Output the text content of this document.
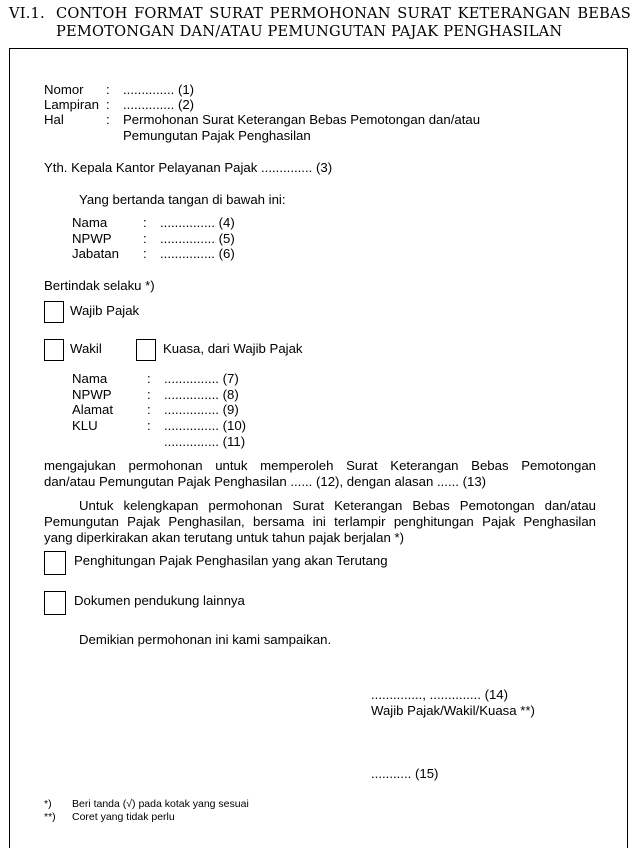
VI.1. CONTOH FORMAT SURAT PERMOHONAN SURAT KETERANGAN BEBAS
PEMOTONGAN DAN/ATAU PEMUNGUTAN PAJAK PENGHASILAN
Nomor : .............. (1)
Lampiran : .............. (2)
Hal	: Permohonan Surat Keterangan Bebas Pemotongan dan/atau
Pemungutan Pajak Penghasilan
Yth. Kepala Kantor Pelayanan Pajak .............. (3)
Yang bertanda tangan di bawah ini:
Nama	: ............... (4)
NPWP : ............... (5)
Jabatan : ............... (6)
Bertindak selaku *)
Wajib Pajak
Wakil	Kuasa, dari Wajib Pajak
Nama	: ............... (7)
NPWP	: ............... (8)
Alamat	: ............... (9)
KLU	: ............... (10)
............... (11)
mengajukan permohonan untuk memperoleh Surat Keterangan Bebas Pemotongan
dan/atau Pemungutan Pajak Penghasilan ...... (12), dengan alasan ...... (13)
Untuk kelengkapan permohonan Surat Keterangan Bebas Pemotongan dan/atau
Pemungutan Pajak Penghasilan, bersama ini terlampir penghitungan Pajak Penghasilan
yang diperkirakan akan terutang untuk tahun pajak berjalan *)
Penghitungan Pajak Penghasilan yang akan Terutang
Dokumen pendukung lainnya
Demikian permohonan ini kami sampaikan.
.............., .............. (14)
Wajib Pajak/Wakil/Kuasa **)
........... (15)
*) Beri tanda (√) pada kotak yang sesuai
**) Coret yang tidak perlu
